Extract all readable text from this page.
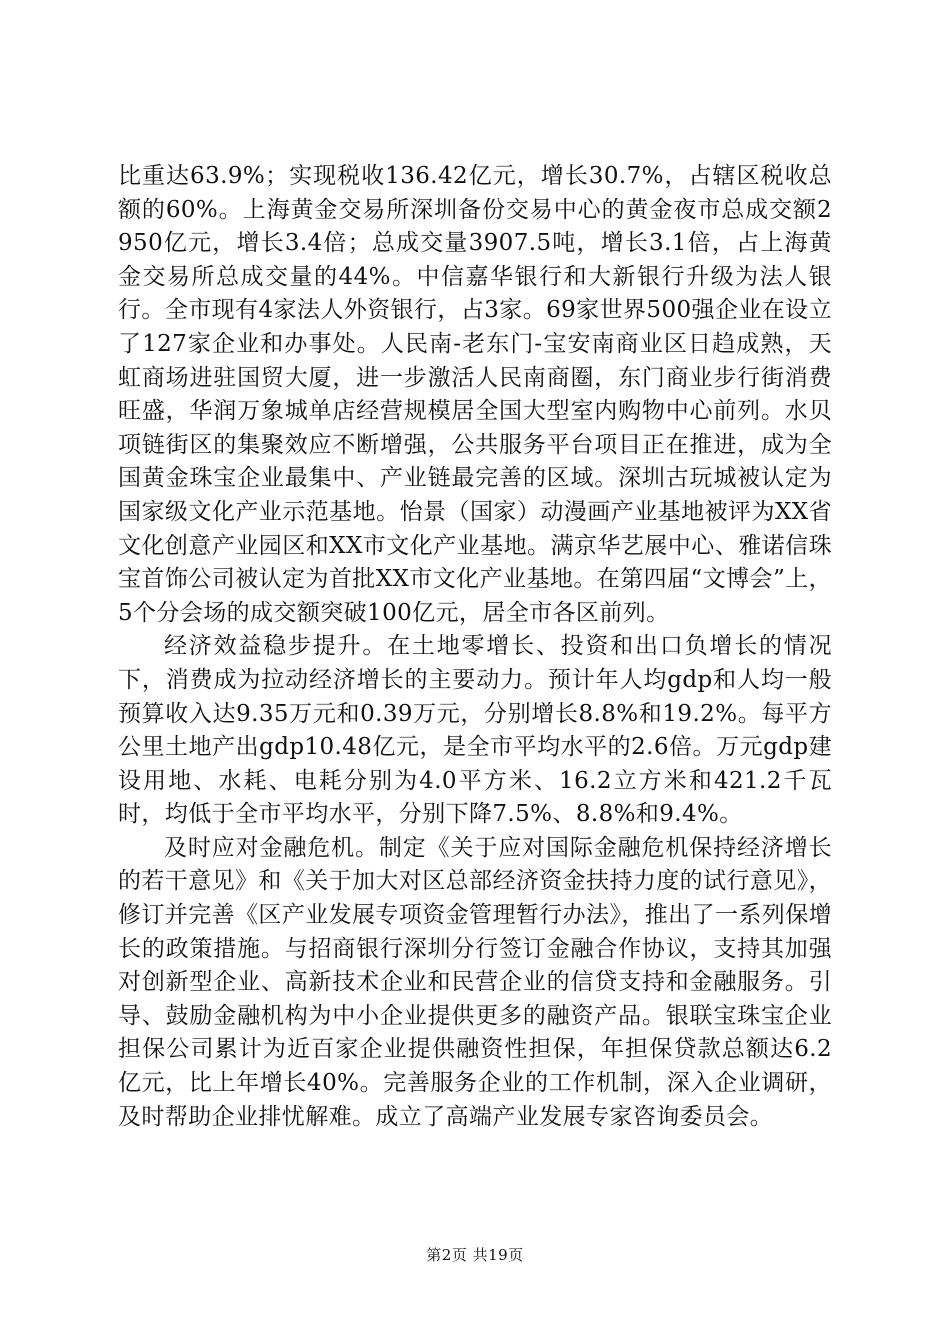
比重达63.9%；实现税收136.42亿元，增长30.7%，占辖区税收总额的60%。上海黄金交易所深圳备份交易中心的黄金夜市总成交额2950亿元，增长3.4倍；总成交量3907.5吨，增长3.1倍，占上海黄金交易所总成交量的44%。中信嘉华银行和大新银行升级为法人银行。全市现有4家法人外资银行，占3家。69家世界500强企业在设立了127家企业和办事处。人民南-老东门-宝安南商业区日趋成熟，天虹商场进驻国贸大厦，进一步激活人民南商圈，东门商业步行街消费旺盛，华润万象城单店经营规模居全国大型室内购物中心前列。水贝项链街区的集聚效应不断增强，公共服务平台项目正在推进，成为全国黄金珠宝企业最集中、产业链最完善的区域。深圳古玩城被认定为国家级文化产业示范基地。怡景（国家）动漫画产业基地被评为XX省文化创意产业园区和XX市文化产业基地。满京华艺展中心、雅诺信珠宝首饰公司被认定为首批XX市文化产业基地。在第四届“文博会”上，5个分会场的成交额突破100亿元，居全市各区前列。

经济效益稳步提升。在土地零增长、投资和出口负增长的情况下，消费成为拉动经济增长的主要动力。预计年人均gdp和人均一般预算收入达9.35万元和0.39万元，分别增长8.8%和19.2%。每平方公里土地产出gdp10.48亿元，是全市平均水平的2.6倍。万元gdp建设用地、水耗、电耗分别为4.0平方米、16.2立方米和421.2千瓦时，均低于全市平均水平，分别下降7.5%、8.8%和9.4%。

及时应对金融危机。制定《关于应对国际金融危机保持经济增长的若干意见》和《关于加大对区总部经济资金扶持力度的试行意见》，修订并完善《区产业发展专项资金管理暂行办法》，推出了一系列保增长的政策措施。与招商银行深圳分行签订金融合作协议，支持其加强对创新型企业、高新技术企业和民营企业的信贷支持和金融服务。引导、鼓励金融机构为中小企业提供更多的融资产品。银联宝珠宝企业担保公司累计为近百家企业提供融资性担保，年担保贷款总额达6.2亿元，比上年增长40%。完善服务企业的工作机制，深入企业调研，及时帮助企业排忧解难。成立了高端产业发展专家咨询委员会。

第2页 共19页
